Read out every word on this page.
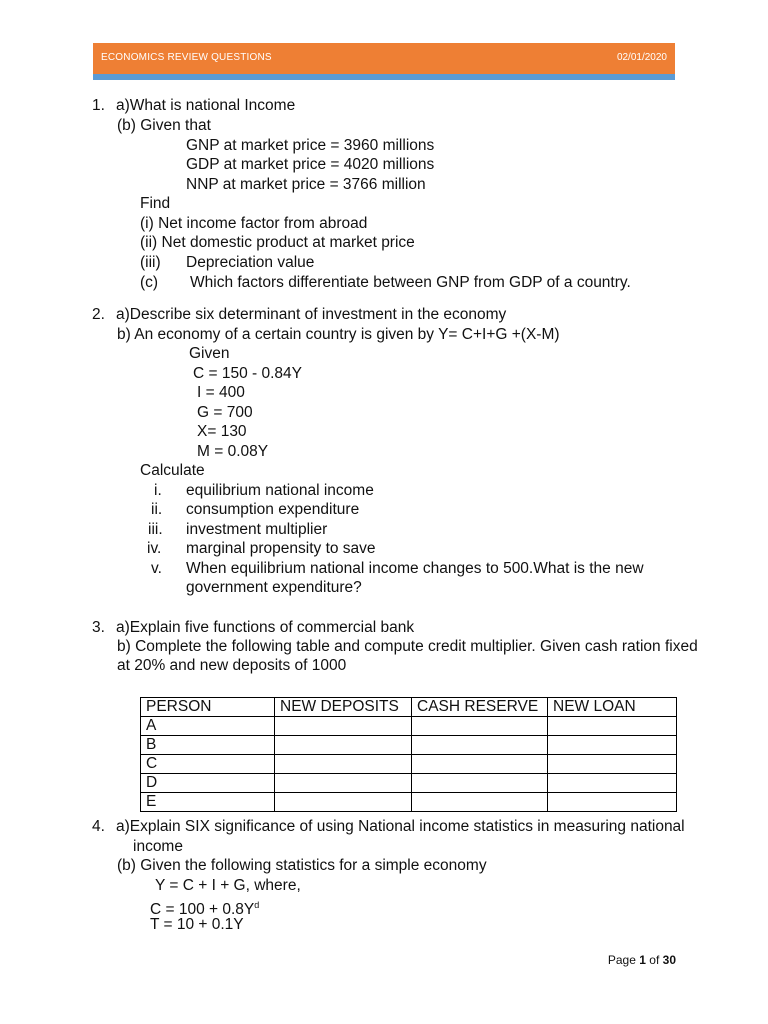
ECONOMICS REVIEW QUESTIONS	02/01/2020
1. a)What is national Income
(b) Given that
GNP at market price = 3960 millions
GDP at market price = 4020 millions
NNP at market price = 3766 million
Find
(i) Net income factor from abroad
(ii) Net domestic product at market price
(iii) Depreciation value
(c) Which factors differentiate between GNP from GDP of a country.
2. a)Describe six determinant of investment in the economy
b) An economy of a certain country is given by Y= C+I+G +(X-M)
Given
C = 150 - 0.84Y
I = 400
G = 700
X= 130
M = 0.08Y
Calculate
i. equilibrium national income
ii. consumption expenditure
iii. investment multiplier
iv. marginal propensity to save
v. When equilibrium national income changes to 500.What is the new
government expenditure?
3. a)Explain five functions of commercial bank
b) Complete the following table and compute credit multiplier. Given cash ration fixed
at 20% and new deposits of 1000
PERSON	NEW DEPOSITS	CASH RESERVE	NEW LOAN
A			
B			
C			
D			
E			
4. a)Explain SIX significance of using National income statistics in measuring national
income
(b) Given the following statistics for a simple economy
Y = C + I + G, where,
$C = 100 + 0.8Y^d$
T = 10 + 0.1Y
Page 1 of 30
